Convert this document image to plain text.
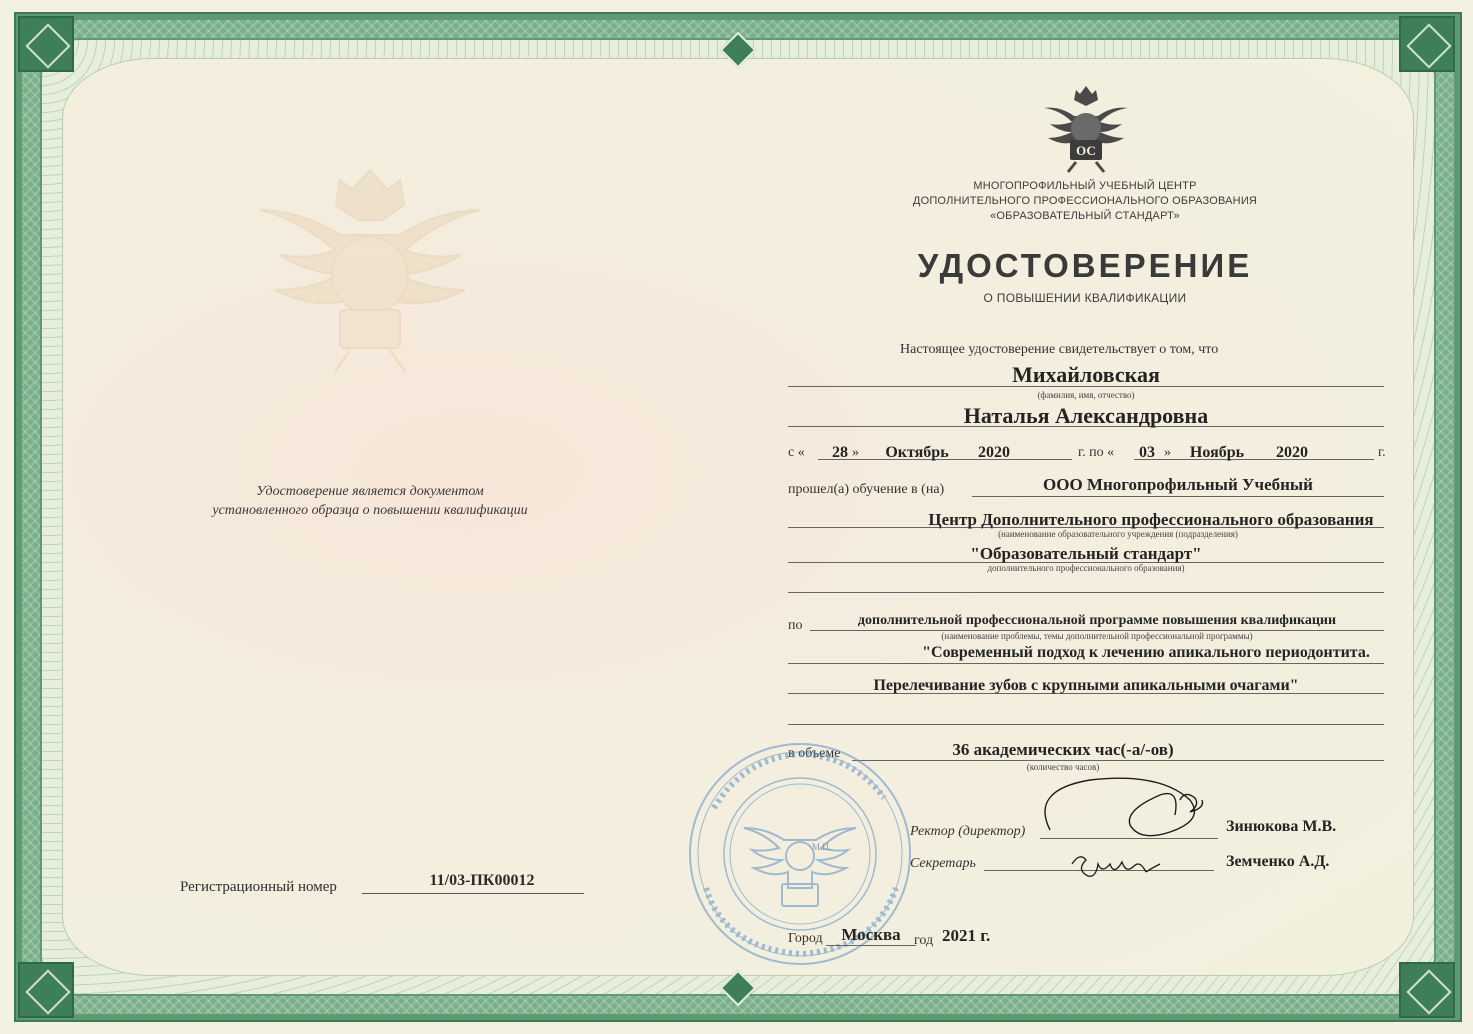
Удостоверение является документом
установленного образца о повышении квалификации
Регистрационный номер	11/03-ПК00012
ОС
МНОГОПРОФИЛЬНЫЙ УЧЕБНЫЙ ЦЕНТР
ДОПОЛНИТЕЛЬНОГО ПРОФЕССИОНАЛЬНОГО ОБРАЗОВАНИЯ
«ОБРАЗОВАТЕЛЬНЫЙ СТАНДАРТ»
УДОСТОВЕРЕНИЕ
О ПОВЫШЕНИИ КВАЛИФИКАЦИИ
Настоящее удостоверение свидетельствует о том, что
Михайловская
(фамилия, имя, отчество)
Наталья Александровна
с «	28 »	Октябрь	2020	г. по «	03 »	Ноябрь	2020	г.
прошел(а) обучение в (на)	ООО Многопрофильный Учебный
Центр Дополнительного профессионального образования
(наименование образовательного учреждения (подразделения)
"Образовательный стандарт"
дополнительного профессионального образования)
по	дополнительной профессиональной программе повышения квалификации
(наименование проблемы, темы дополнительной профессиональной программы)
"Современный подход к лечению апикального периодонтита.
Перелечивание зубов с крупными апикальными очагами"
в объеме	36 академических час(-а/-ов)
(количество часов)
М.П.
Ректор (директор)	Зинюкова М.В.
Секретарь	Земченко А.Д.
Город	Москва год 2021 г.
